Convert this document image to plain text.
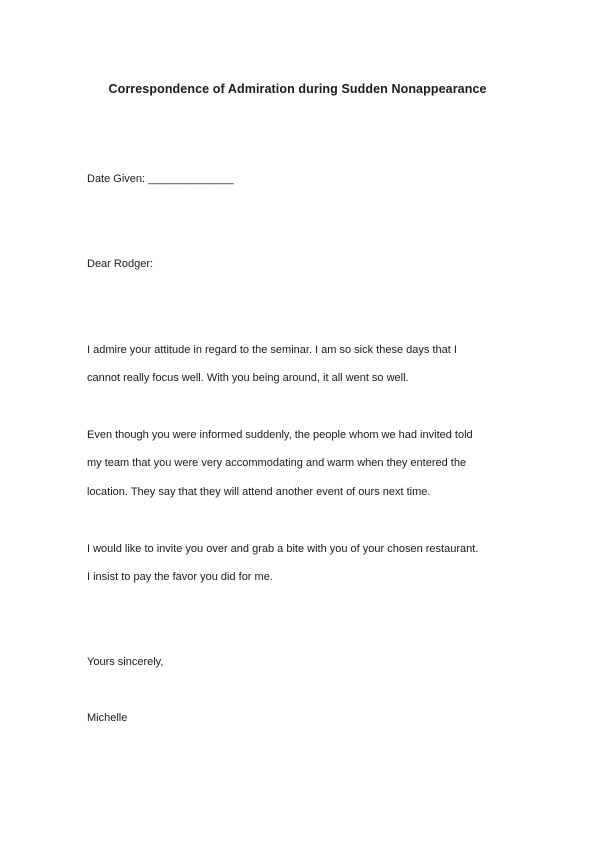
Correspondence of Admiration during Sudden Nonappearance
Date Given: ______________
Dear Rodger:
I admire your attitude in regard to the seminar. I am so sick these days that I
cannot really focus well. With you being around, it all went so well.
Even though you were informed suddenly, the people whom we had invited told
my team that you were very accommodating and warm when they entered the
location. They say that they will attend another event of ours next time.
I would like to invite you over and grab a bite with you of your chosen restaurant.
I insist to pay the favor you did for me.
Yours sincerely,
Michelle
